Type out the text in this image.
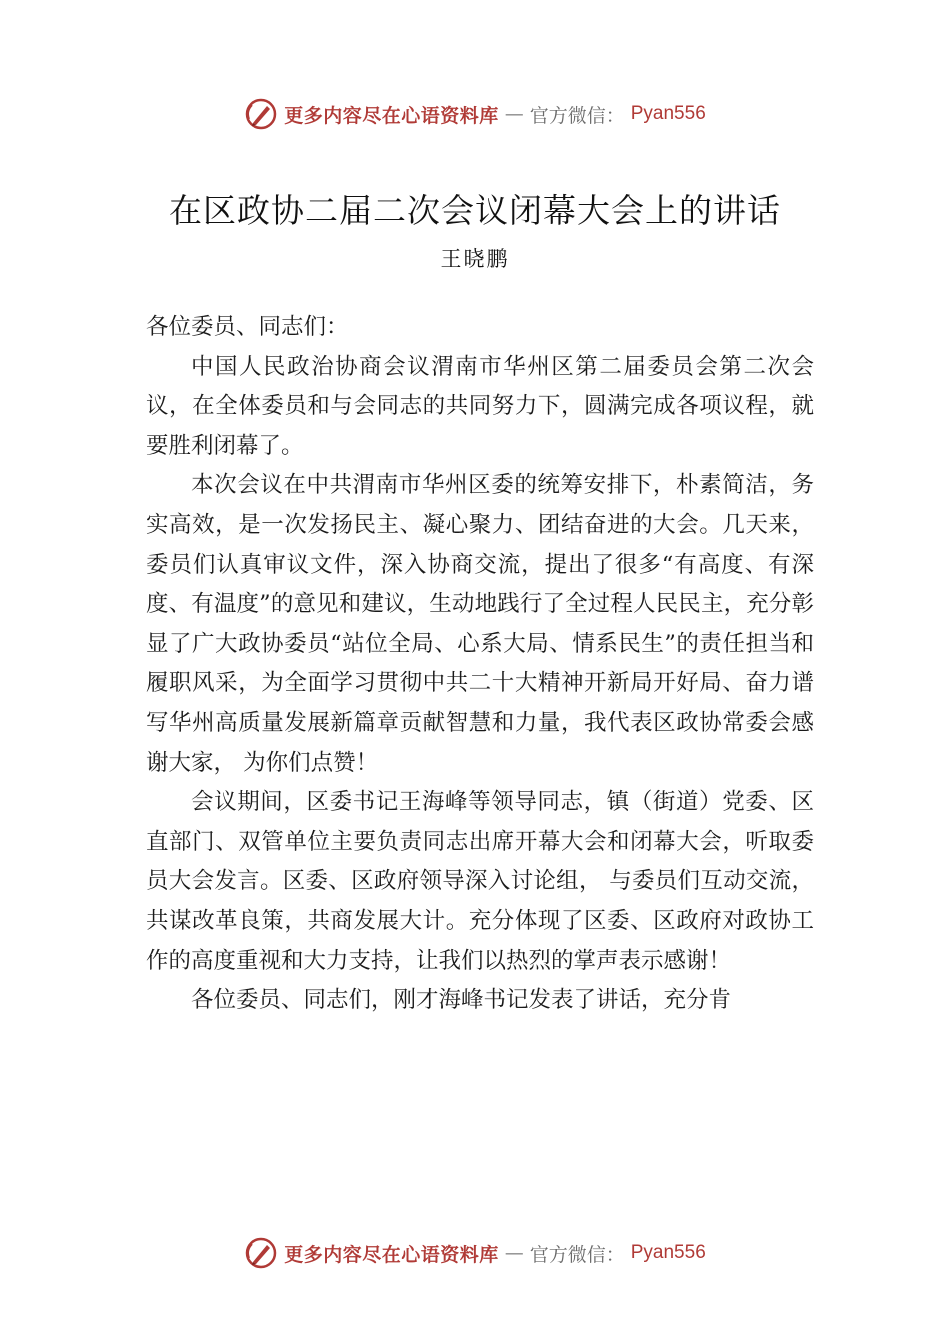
更多内容尽在心语资料库 — 官方微信： Pyan556
在区政协二届二次会议闭幕大会上的讲话
王晓鹏

各位委员、同志们：

中国人民政治协商会议渭南市华州区第二届委员会第二次会议，在全体委员和与会同志的共同努力下，圆满完成各项议程，就要胜利闭幕了。

本次会议在中共渭南市华州区委的统筹安排下，朴素简洁，务实高效，是一次发扬民主、凝心聚力、团结奋进的大会。几天来，委员们认真审议文件，深入协商交流，提出了很多“有高度、有深度、有温度”的意见和建议，生动地践行了全过程人民民主，充分彰显了广大政协委员“站位全局、心系大局、情系民生”的责任担当和履职风采，为全面学习贯彻中共二十大精神开新局开好局、奋力谱写华州高质量发展新篇章贡献智慧和力量，我代表区政协常委会感谢大家， 为你们点赞！

会议期间，区委书记王海峰等领导同志，镇（街道）党委、区直部门、双管单位主要负责同志出席开幕大会和闭幕大会，听取委员大会发言。区委、区政府领导深入讨论组， 与委员们互动交流，共谋改革良策，共商发展大计。充分体现了区委、区政府对政协工作的高度重视和大力支持，让我们以热烈的掌声表示感谢！

各位委员、同志们，刚才海峰书记发表了讲话，充分肯

更多内容尽在心语资料库 — 官方微信： Pyan556
